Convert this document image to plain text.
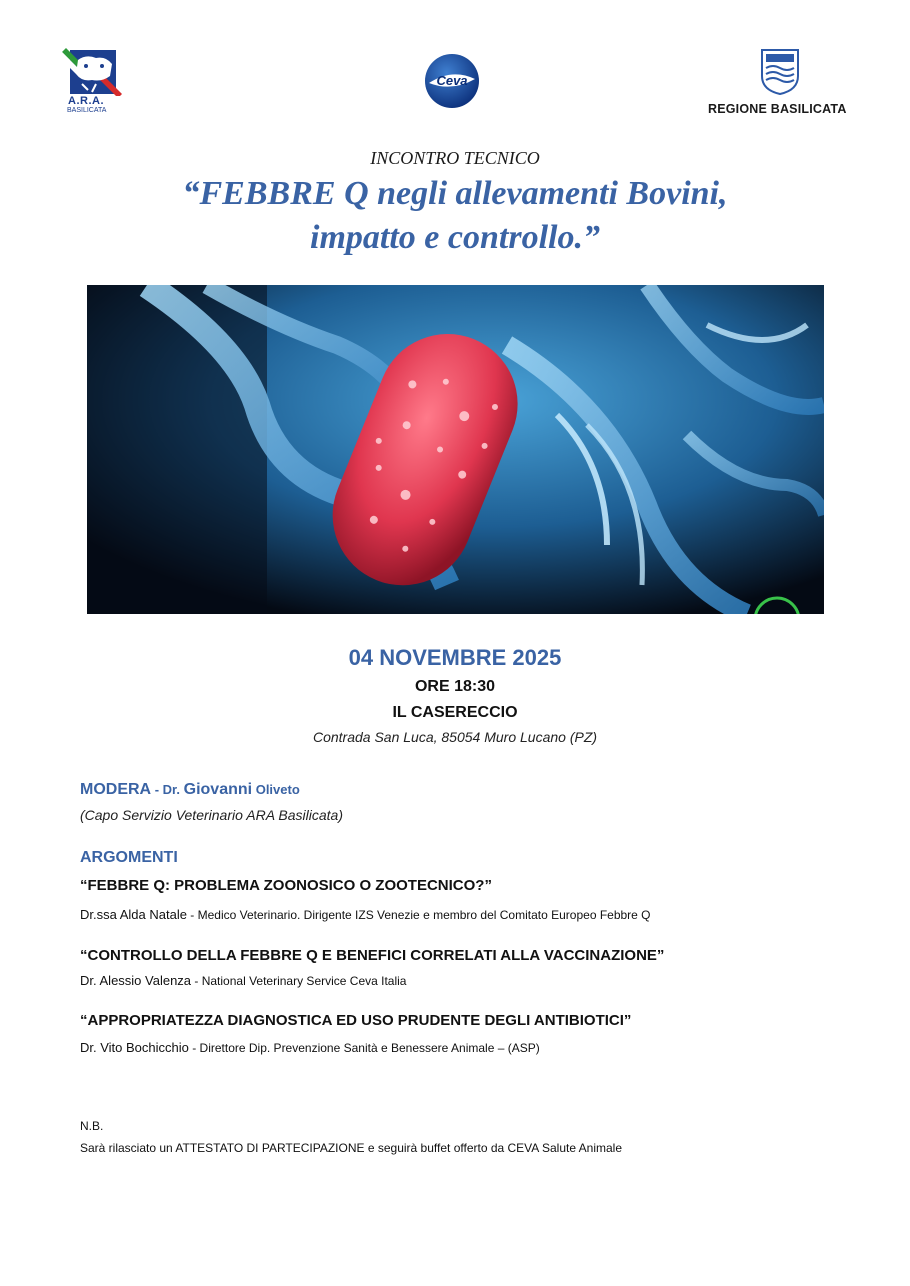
A.R.A.
BASILICATA
Ceva
REGIONE BASILICATA
INCONTRO TECNICO
“FEBBRE Q negli allevamenti Bovini,
impatto e controllo.”
04 NOVEMBRE 2025
ORE 18:30
IL CASERECCIO
Contrada San Luca, 85054 Muro Lucano (PZ)
MODERA - Dr. Giovanni Oliveto
(Capo Servizio Veterinario ARA Basilicata)
ARGOMENTI
“FEBBRE Q: PROBLEMA ZOONOSICO O ZOOTECNICO?”
Dr.ssa Alda Natale - Medico Veterinario. Dirigente IZS Venezie e membro del Comitato Europeo Febbre Q
“CONTROLLO DELLA FEBBRE Q E BENEFICI CORRELATI ALLA VACCINAZIONE”
Dr. Alessio Valenza - National Veterinary Service Ceva Italia
“APPROPRIATEZZA DIAGNOSTICA ED USO PRUDENTE DEGLI ANTIBIOTICI”
Dr. Vito Bochicchio - Direttore Dip. Prevenzione Sanità e Benessere Animale – (ASP)
N.B.
Sarà rilasciato un ATTESTATO DI PARTECIPAZIONE e seguirà buffet offerto da CEVA Salute Animale
